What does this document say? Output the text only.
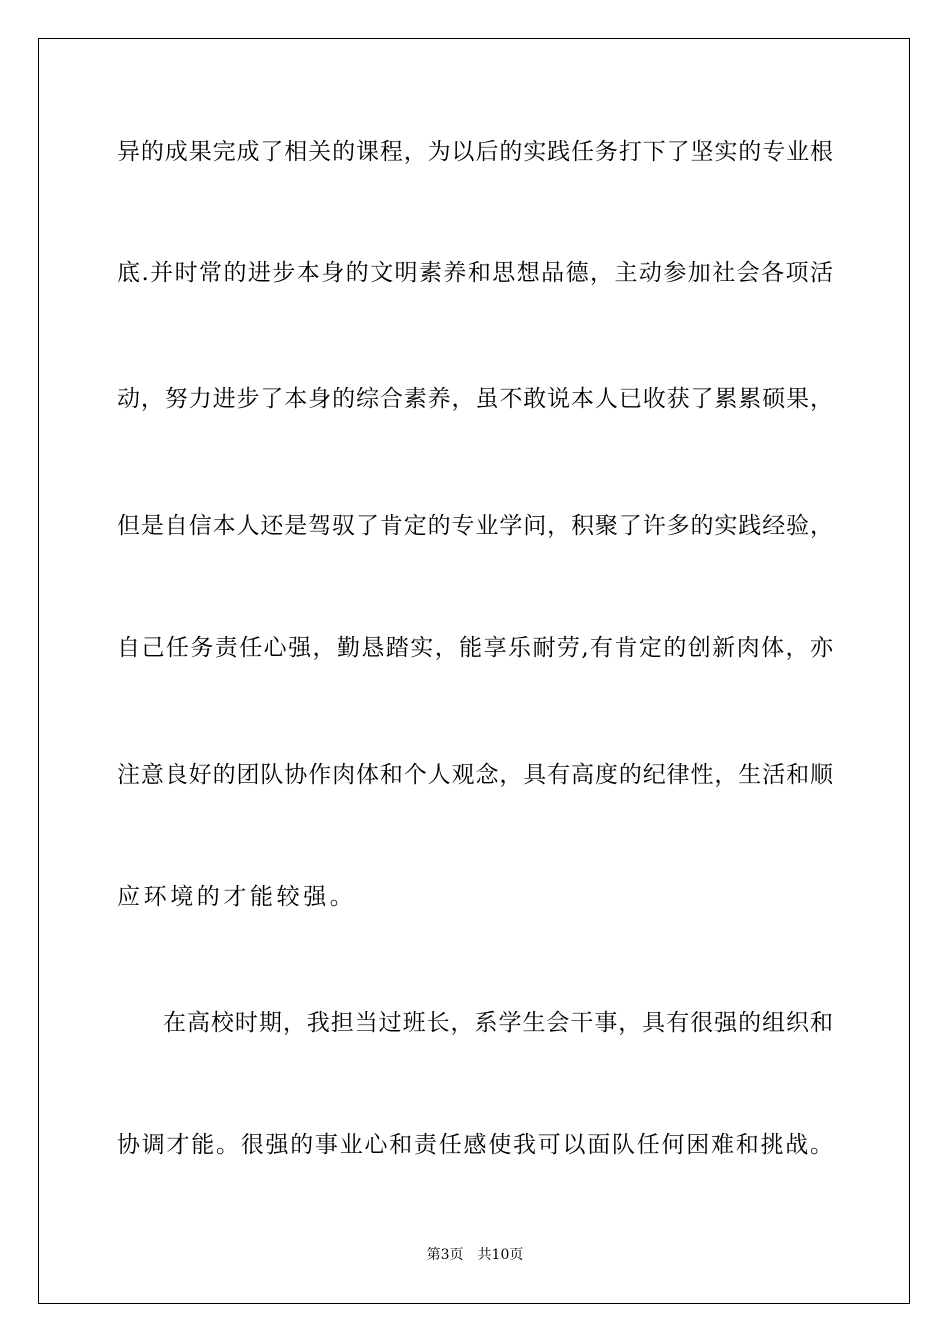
异的成果完成了相关的课程，为以后的实践任务打下了坚实的专业根
底.并时常的进步本身的文明素养和思想品德，主动参加社会各项活
动，努力进步了本身的综合素养，虽不敢说本人已收获了累累硕果，
但是自信本人还是驾驭了肯定的专业学问，积聚了许多的实践经验，
自己任务责任心强，勤恳踏实，能享乐耐劳,有肯定的创新肉体，亦
注意良好的团队协作肉体和个人观念，具有高度的纪律性，生活和顺
应环境的才能较强。
在高校时期，我担当过班长，系学生会干事，具有很强的组织和
协调才能。很强的事业心和责任感使我可以面队任何困难和挑战。
第3页 共10页
